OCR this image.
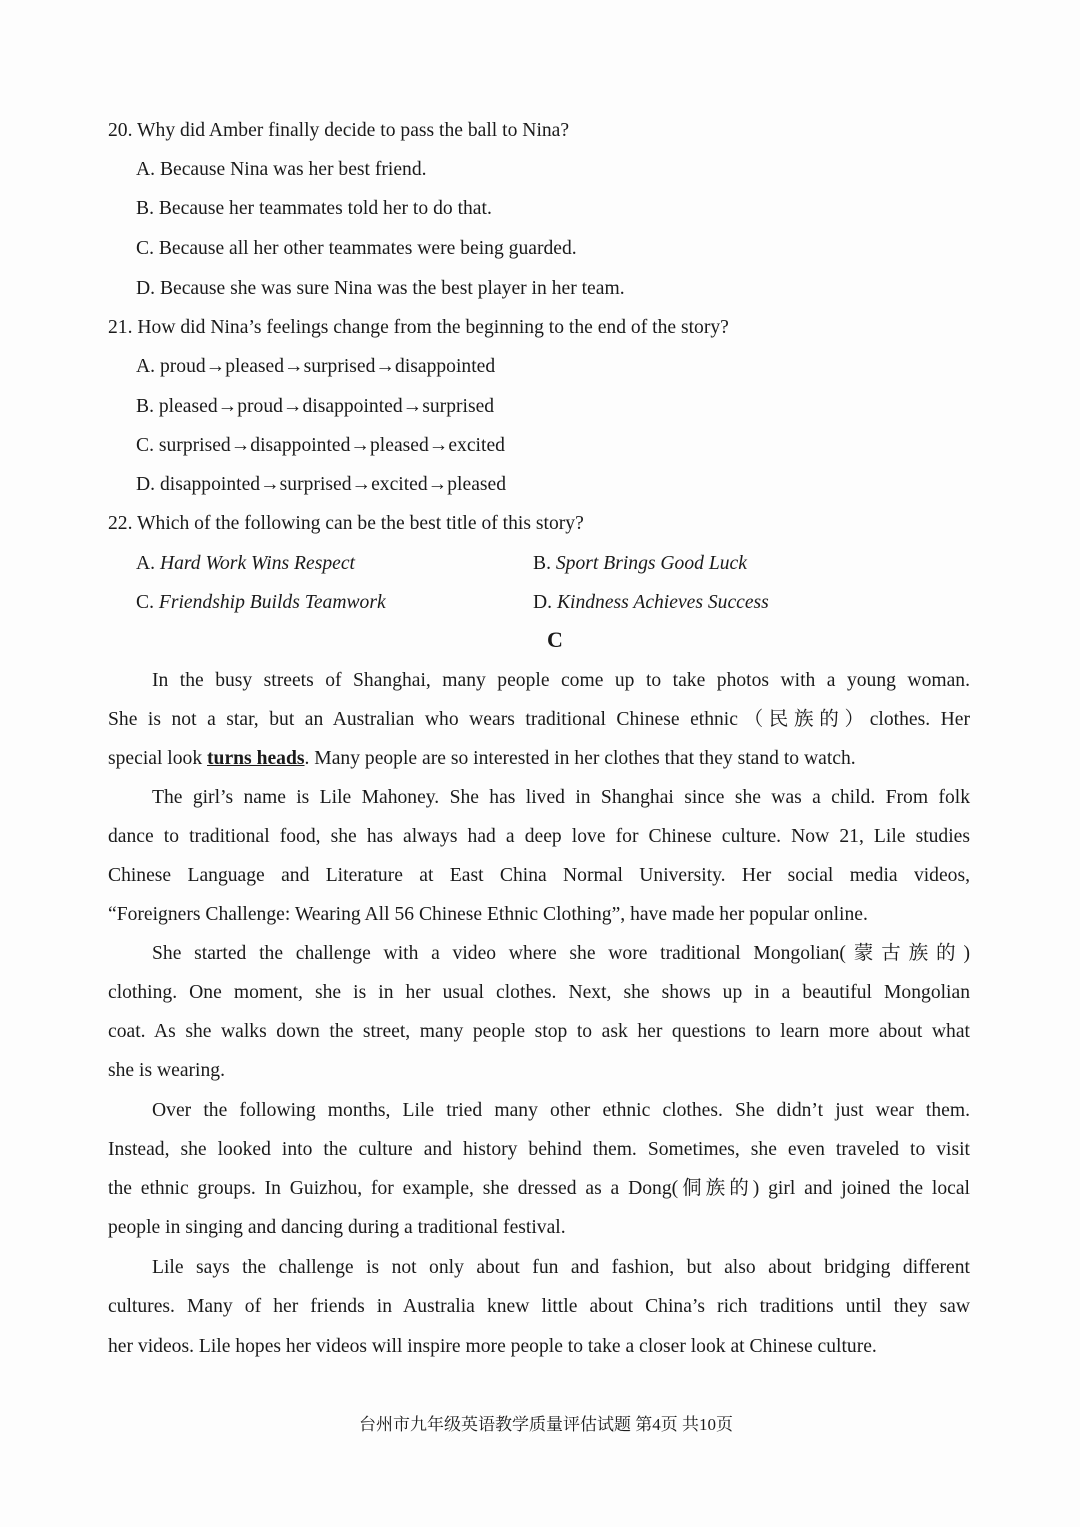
20. Why did Amber finally decide to pass the ball to Nina?
A. Because Nina was her best friend.
B. Because her teammates told her to do that.
C. Because all her other teammates were being guarded.
D. Because she was sure Nina was the best player in her team.
21. How did Nina’s feelings change from the beginning to the end of the story?
A. proud→pleased→surprised→disappointed
B. pleased→proud→disappointed→surprised
C. surprised→disappointed→pleased→excited
D. disappointed→surprised→excited→pleased
22. Which of the following can be the best title of this story?
A. Hard Work Wins Respect	B. Sport Brings Good Luck
C. Friendship Builds Teamwork	D. Kindness Achieves Success
C
In the busy streets of Shanghai, many people come up to take photos with a young woman.
She is not a star, but an Australian who wears traditional Chinese ethnic（民族的）clothes. Her
special look turns heads. Many people are so interested in her clothes that they stand to watch.
The girl’s name is Lile Mahoney. She has lived in Shanghai since she was a child. From folk
dance to traditional food, she has always had a deep love for Chinese culture. Now 21, Lile studies
Chinese Language and Literature at East China Normal University. Her social media videos,
“Foreigners Challenge: Wearing All 56 Chinese Ethnic Clothing”, have made her popular online.
She started the challenge with a video where she wore traditional Mongolian(蒙古族的)
clothing. One moment, she is in her usual clothes. Next, she shows up in a beautiful Mongolian
coat. As she walks down the street, many people stop to ask her questions to learn more about what
she is wearing.
Over the following months, Lile tried many other ethnic clothes. She didn’t just wear them.
Instead, she looked into the culture and history behind them. Sometimes, she even traveled to visit
the ethnic groups. In Guizhou, for example, she dressed as a Dong(侗族的) girl and joined the local
people in singing and dancing during a traditional festival.
Lile says the challenge is not only about fun and fashion, but also about bridging different
cultures. Many of her friends in Australia knew little about China’s rich traditions until they saw
her videos. Lile hopes her videos will inspire more people to take a closer look at Chinese culture.
台州市九年级英语教学质量评估试题 第4页 共10页
